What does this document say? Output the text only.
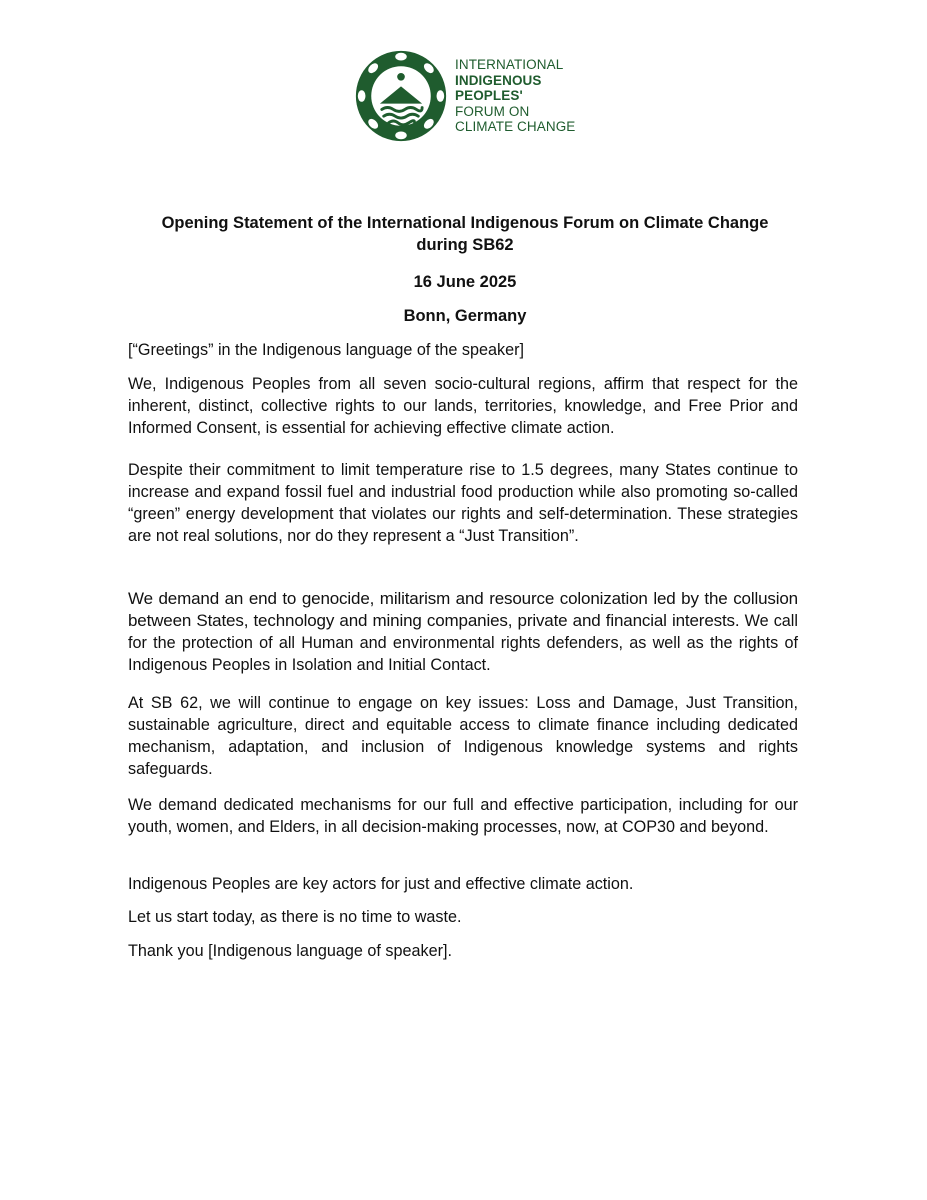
INTERNATIONAL
INDIGENOUS
PEOPLES'
FORUM ON
CLIMATE CHANGE

Opening Statement of the International Indigenous Forum on Climate Change
during SB62

16 June 2025

Bonn, Germany

[“Greetings” in the Indigenous language of the speaker]

We, Indigenous Peoples from all seven socio-cultural regions, affirm that respect for the inherent, distinct, collective rights to our lands, territories, knowledge, and Free Prior and Informed Consent, is essential for achieving effective climate action.

Despite their commitment to limit temperature rise to 1.5 degrees, many States continue to increase and expand fossil fuel and industrial food production while also promoting so-called “green” energy development that violates our rights and self-determination. These strategies are not real solutions, nor do they represent a “Just Transition”.

We demand an end to genocide, militarism and resource colonization led by the collusion between States, technology and mining companies, private and financial interests. We call for the protection of all Human and environmental rights defenders, as well as the rights of Indigenous Peoples in Isolation and Initial Contact.

At SB 62, we will continue to engage on key issues: Loss and Damage, Just Transition, sustainable agriculture, direct and equitable access to climate finance including dedicated mechanism, adaptation, and inclusion of Indigenous knowledge systems and rights safeguards.

We demand dedicated mechanisms for our full and effective participation, including for our youth, women, and Elders, in all decision-making processes, now, at COP30 and beyond.

Indigenous Peoples are key actors for just and effective climate action.

Let us start today, as there is no time to waste.

Thank you [Indigenous language of speaker].
